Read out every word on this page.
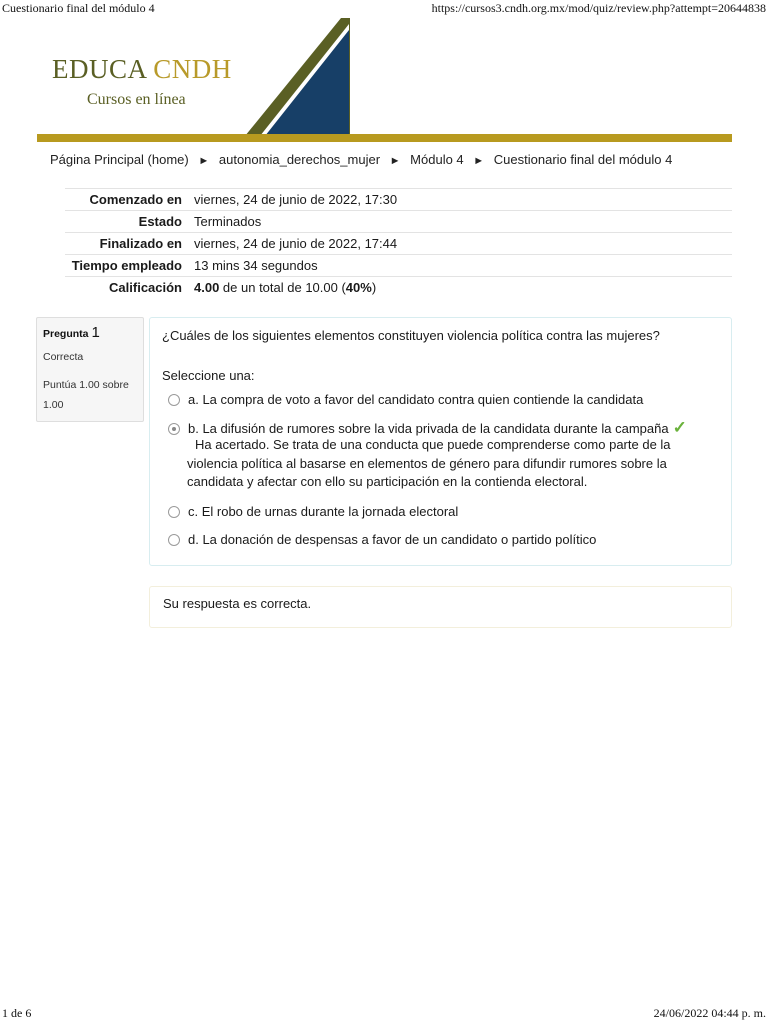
Cuestionario final del módulo 4	https://cursos3.cndh.org.mx/mod/quiz/review.php?attempt=20644838
EDUCA CNDH
Cursos en línea
Página Principal (home) ► autonomia_derechos_mujer ► Módulo 4 ► Cuestionario final del módulo 4
Comenzado en viernes, 24 de junio de 2022, 17:30
Estado Terminados
Finalizado en viernes, 24 de junio de 2022, 17:44
Tiempo empleado 13 mins 34 segundos
Calificación 4.00 de un total de 10.00 (40%)
Pregunta 1
Correcta
Puntúa 1.00 sobre 1.00
¿Cuáles de los siguientes elementos constituyen violencia política contra las mujeres?
Seleccione una:
a. La compra de voto a favor del candidato contra quien contiende la candidata
b. La difusión de rumores sobre la vida privada de la candidata durante la campaña ✓
Ha acertado. Se trata de una conducta que puede comprenderse como parte de la violencia política al basarse en elementos de género para difundir rumores sobre la candidata y afectar con ello su participación en la contienda electoral.
c. El robo de urnas durante la jornada electoral
d. La donación de despensas a favor de un candidato o partido político
Su respuesta es correcta.
1 de 6	24/06/2022 04:44 p. m.
